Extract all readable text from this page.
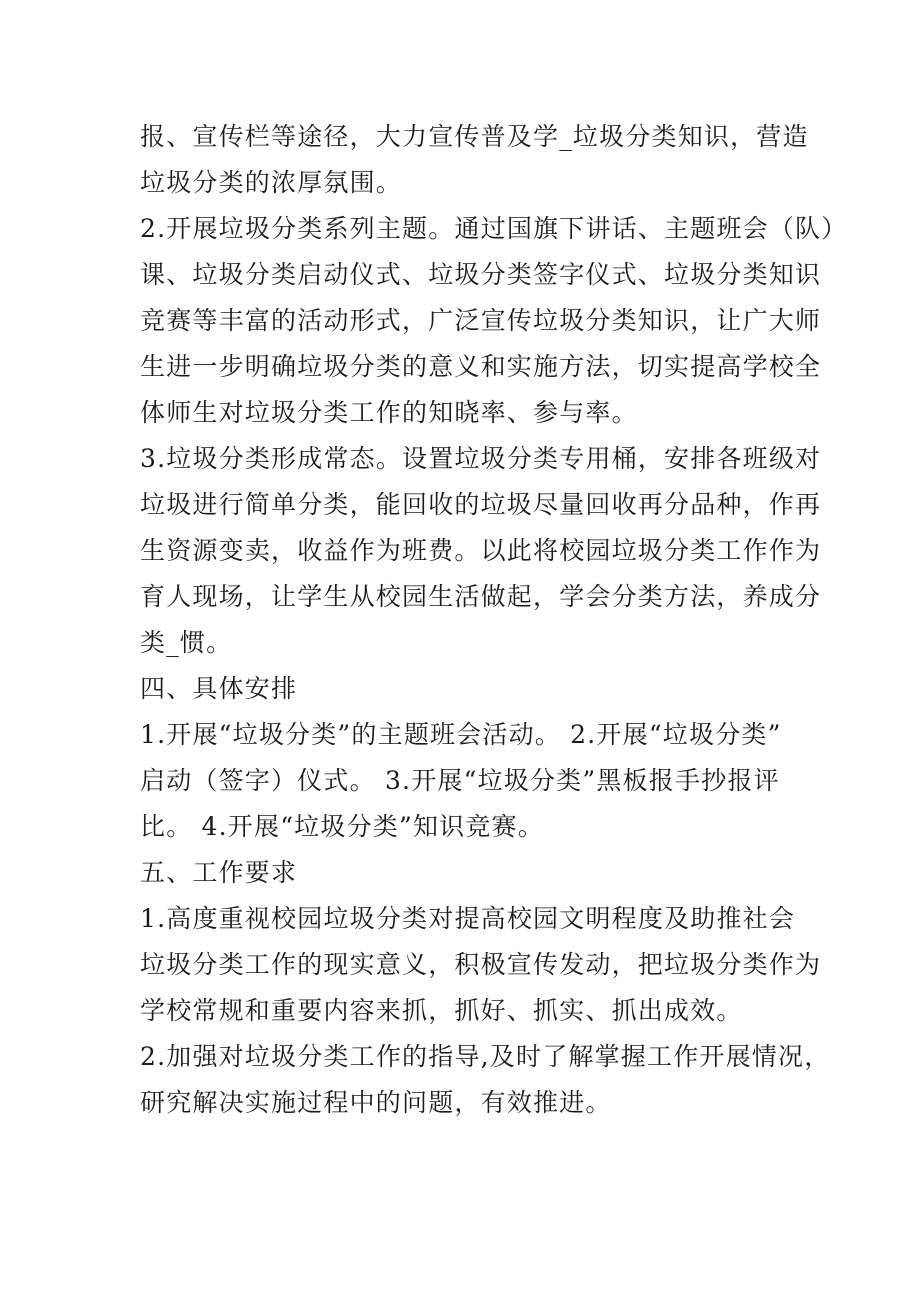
报、宣传栏等途径，大力宣传普及学_垃圾分类知识，营造
垃圾分类的浓厚氛围。
2.开展垃圾分类系列主题。通过国旗下讲话、主题班会（队）
课、垃圾分类启动仪式、垃圾分类签字仪式、垃圾分类知识
竞赛等丰富的活动形式，广泛宣传垃圾分类知识，让广大师
生进一步明确垃圾分类的意义和实施方法，切实提高学校全
体师生对垃圾分类工作的知晓率、参与率。
3.垃圾分类形成常态。设置垃圾分类专用桶，安排各班级对
垃圾进行简单分类，能回收的垃圾尽量回收再分品种，作再
生资源变卖，收益作为班费。以此将校园垃圾分类工作作为
育人现场，让学生从校园生活做起，学会分类方法，养成分
类_惯。
四、具体安排
1.开展“垃圾分类”的主题班会活动。 2.开展“垃圾分类”
启动（签字）仪式。 3.开展“垃圾分类”黑板报手抄报评
比。 4.开展“垃圾分类”知识竞赛。
五、工作要求
1.高度重视校园垃圾分类对提高校园文明程度及助推社会
垃圾分类工作的现实意义，积极宣传发动，把垃圾分类作为
学校常规和重要内容来抓，抓好、抓实、抓出成效。
2.加强对垃圾分类工作的指导,及时了解掌握工作开展情况，
研究解决实施过程中的问题，有效推进。
